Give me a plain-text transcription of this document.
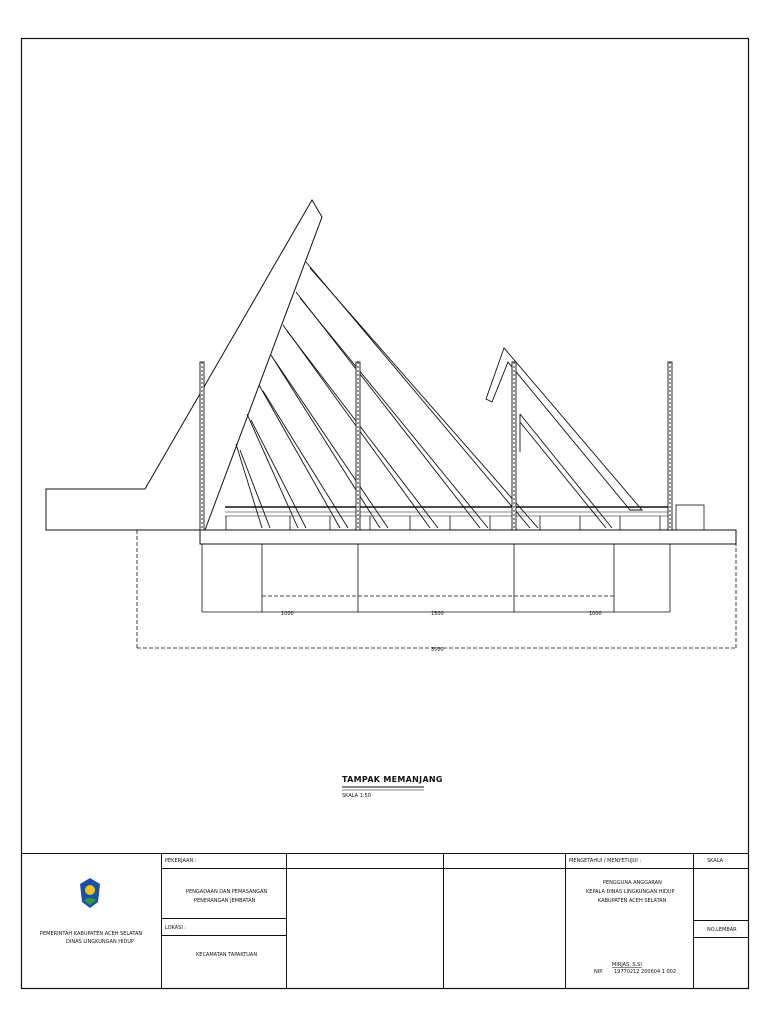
1000	1500	1000
3500
TAMPAK MEMANJANG
SKALA 1:50
PEMERINTAH KABUPATEN ACEH SELATAN
DINAS LINGKUNGAN HIDUP
PEKERJAAN :
PENGADAAN DAN PEMASANGAN
PENERANGAN JEMBATAN
LOKASI :
KECAMATAN TAPAKTUAN
MENGETAHUI / MENYETUJUI :
PENGGUNA ANGGARAN
KEPALA DINAS LINGKUNGAN HIDUP
KABUPATEN ACEH SELATAN
MIRJAS, S.SI
NIP. 19770212 200604 1 002
SKALA :
NO.LEMBAR
